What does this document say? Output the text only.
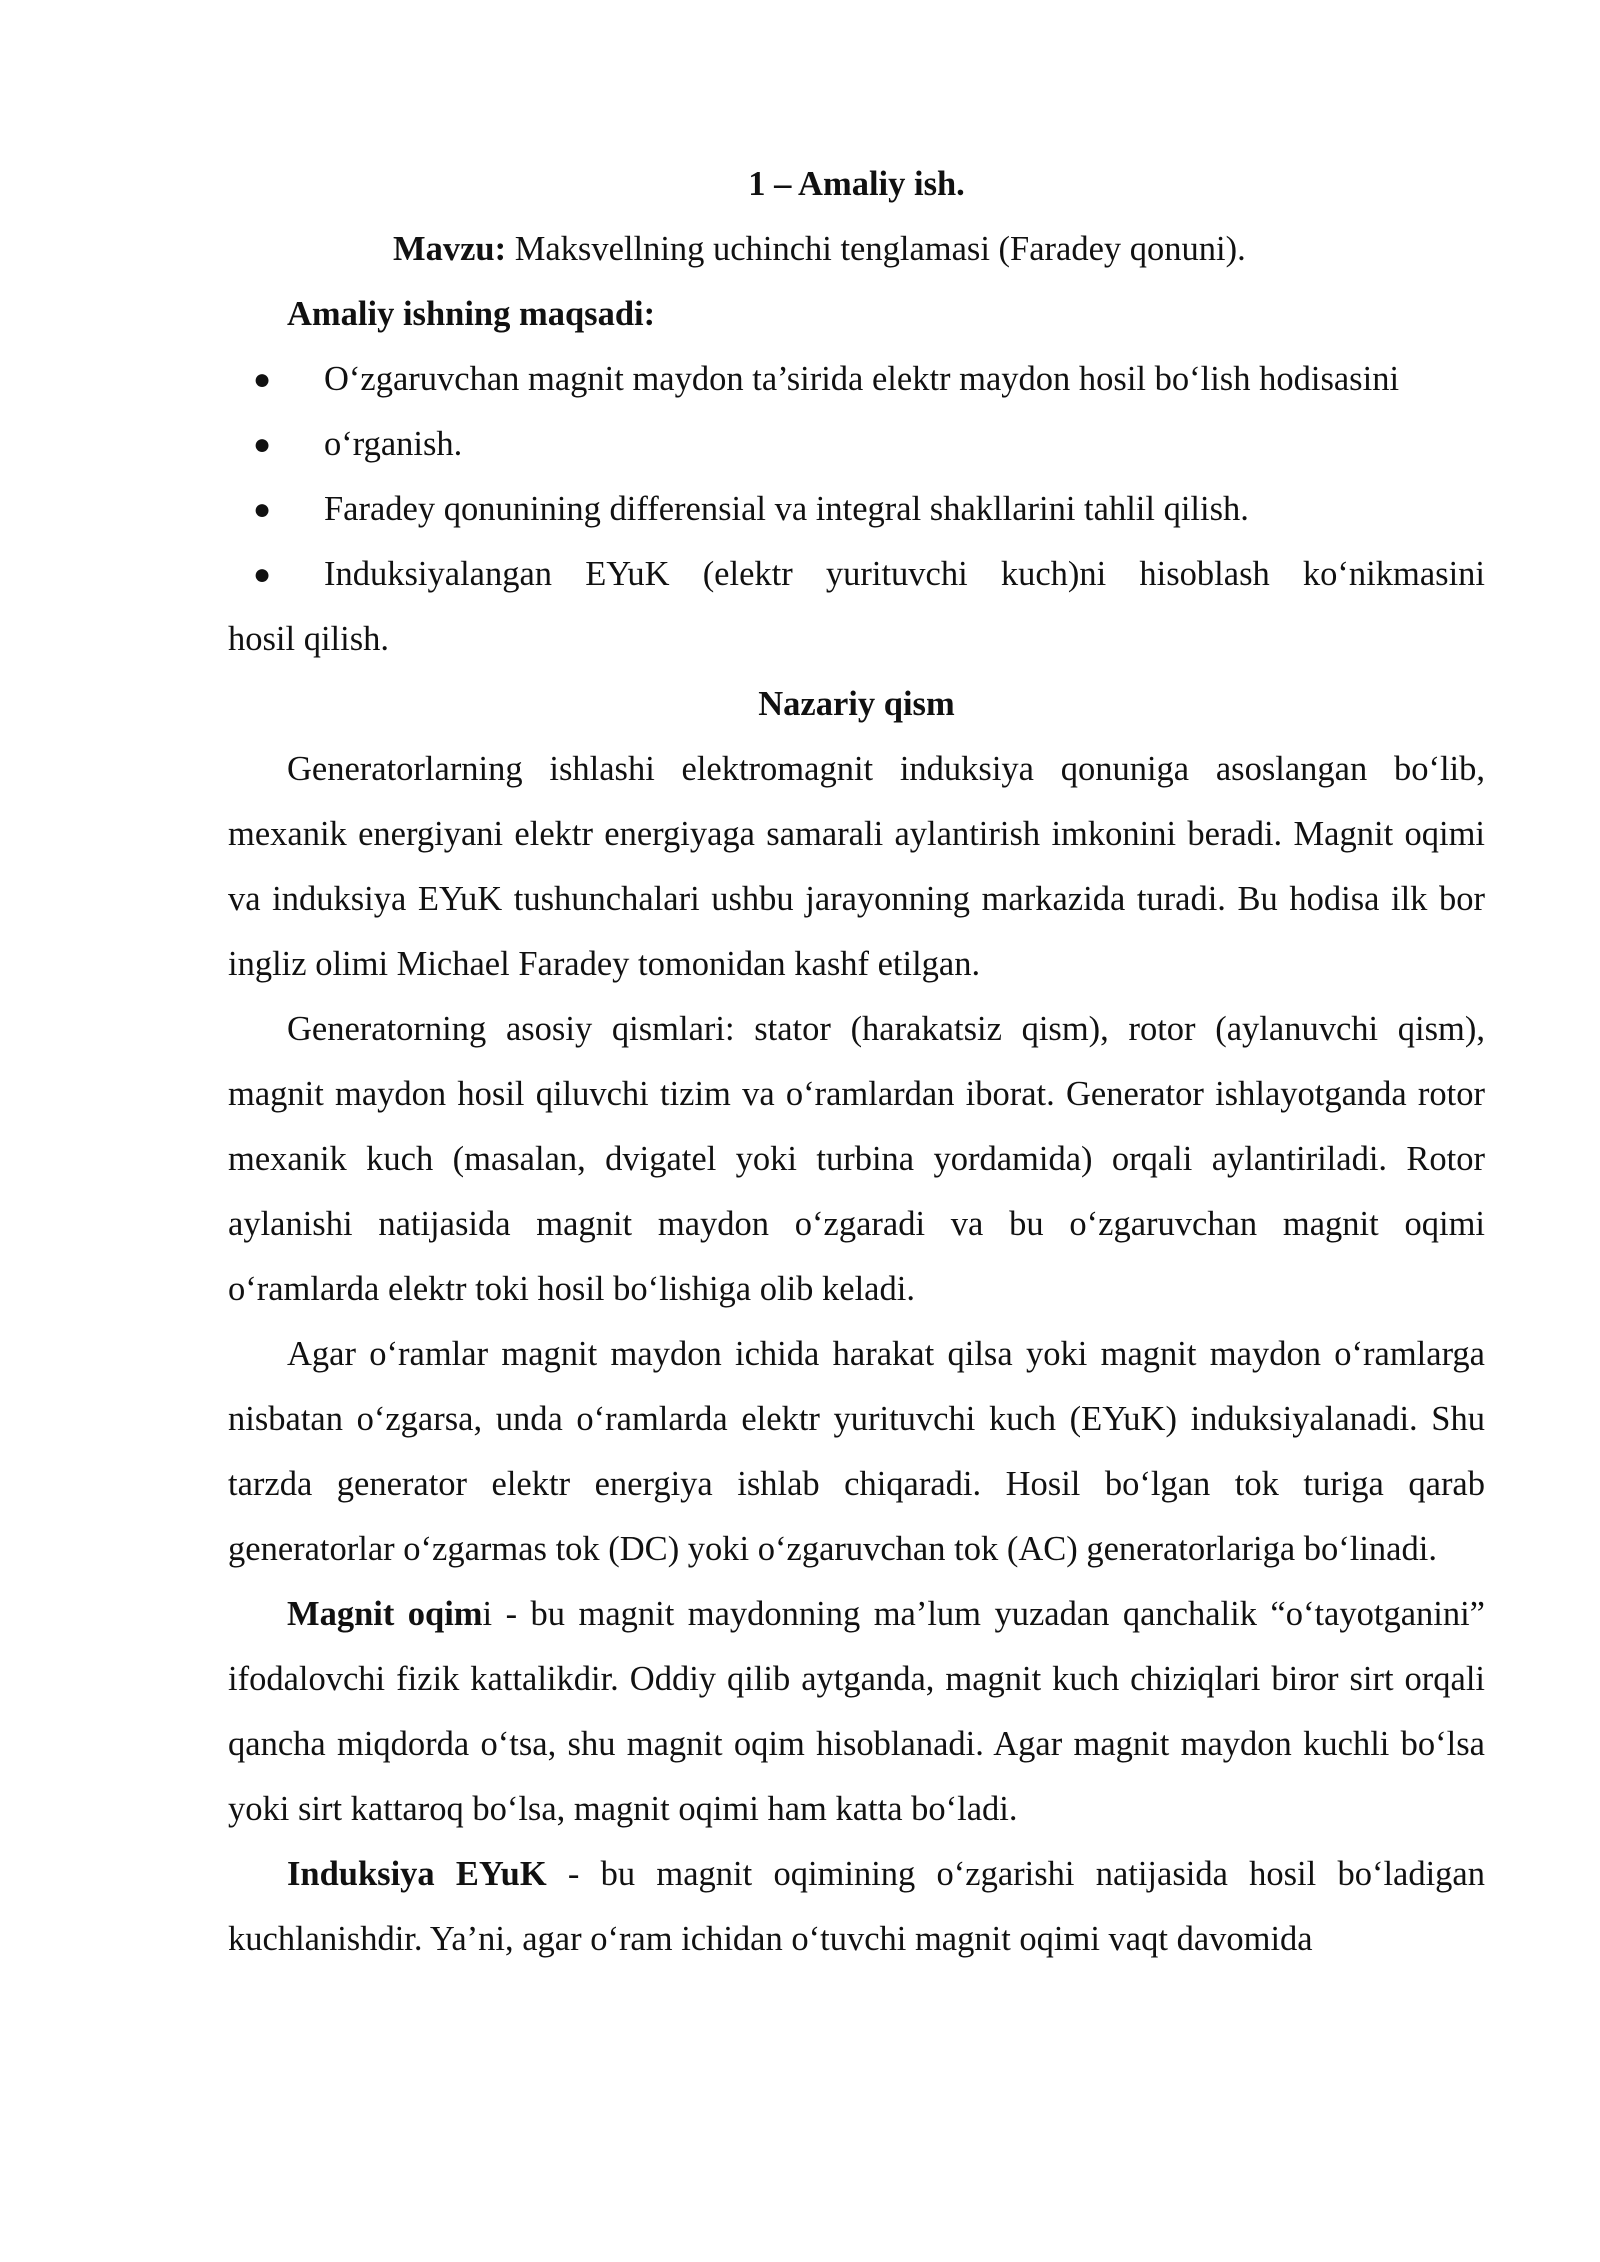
1 – Amaliy ish.
Mavzu: Maksvellning uchinchi tenglamasi (Faradey qonuni).
Amaliy ishning maqsadi:
● O‘zgaruvchan magnit maydon ta’sirida elektr maydon hosil bo‘lish hodisasini
● o‘rganish.
● Faradey qonunining differensial va integral shakllarini tahlil qilish.
● Induksiyalangan EYuK (elektr yurituvchi kuch)ni hisoblash ko‘nikmasini
hosil qilish.
Nazariy qism

Generatorlarning ishlashi elektromagnit induksiya qonuniga asoslangan bo‘lib, mexanik energiyani elektr energiyaga samarali aylantirish imkonini beradi. Magnit oqimi va induksiya EYuK tushunchalari ushbu jarayonning markazida turadi. Bu hodisa ilk bor ingliz olimi Michael Faradey tomonidan kashf etilgan.

Generatorning asosiy qismlari: stator (harakatsiz qism), rotor (aylanuvchi qism), magnit maydon hosil qiluvchi tizim va o‘ramlardan iborat. Generator ishlayotganda rotor mexanik kuch (masalan, dvigatel yoki turbina yordamida) orqali aylantiriladi. Rotor aylanishi natijasida magnit maydon o‘zgaradi va bu o‘zgaruvchan magnit oqimi o‘ramlarda elektr toki hosil bo‘lishiga olib keladi.

Agar o‘ramlar magnit maydon ichida harakat qilsa yoki magnit maydon o‘ramlarga nisbatan o‘zgarsa, unda o‘ramlarda elektr yurituvchi kuch (EYuK) induksiyalanadi. Shu tarzda generator elektr energiya ishlab chiqaradi. Hosil bo‘lgan tok turiga qarab generatorlar o‘zgarmas tok (DC) yoki o‘zgaruvchan tok (AC) generatorlariga bo‘linadi.

Magnit oqimi - bu magnit maydonning ma’lum yuzadan qanchalik “o‘tayotganini” ifodalovchi fizik kattalikdir. Oddiy qilib aytganda, magnit kuch chiziqlari biror sirt orqali qancha miqdorda o‘tsa, shu magnit oqim hisoblanadi. Agar magnit maydon kuchli bo‘lsa yoki sirt kattaroq bo‘lsa, magnit oqimi ham katta bo‘ladi.

Induksiya EYuK - bu magnit oqimining o‘zgarishi natijasida hosil bo‘ladigan kuchlanishdir. Ya’ni, agar o‘ram ichidan o‘tuvchi magnit oqimi vaqt davomida
